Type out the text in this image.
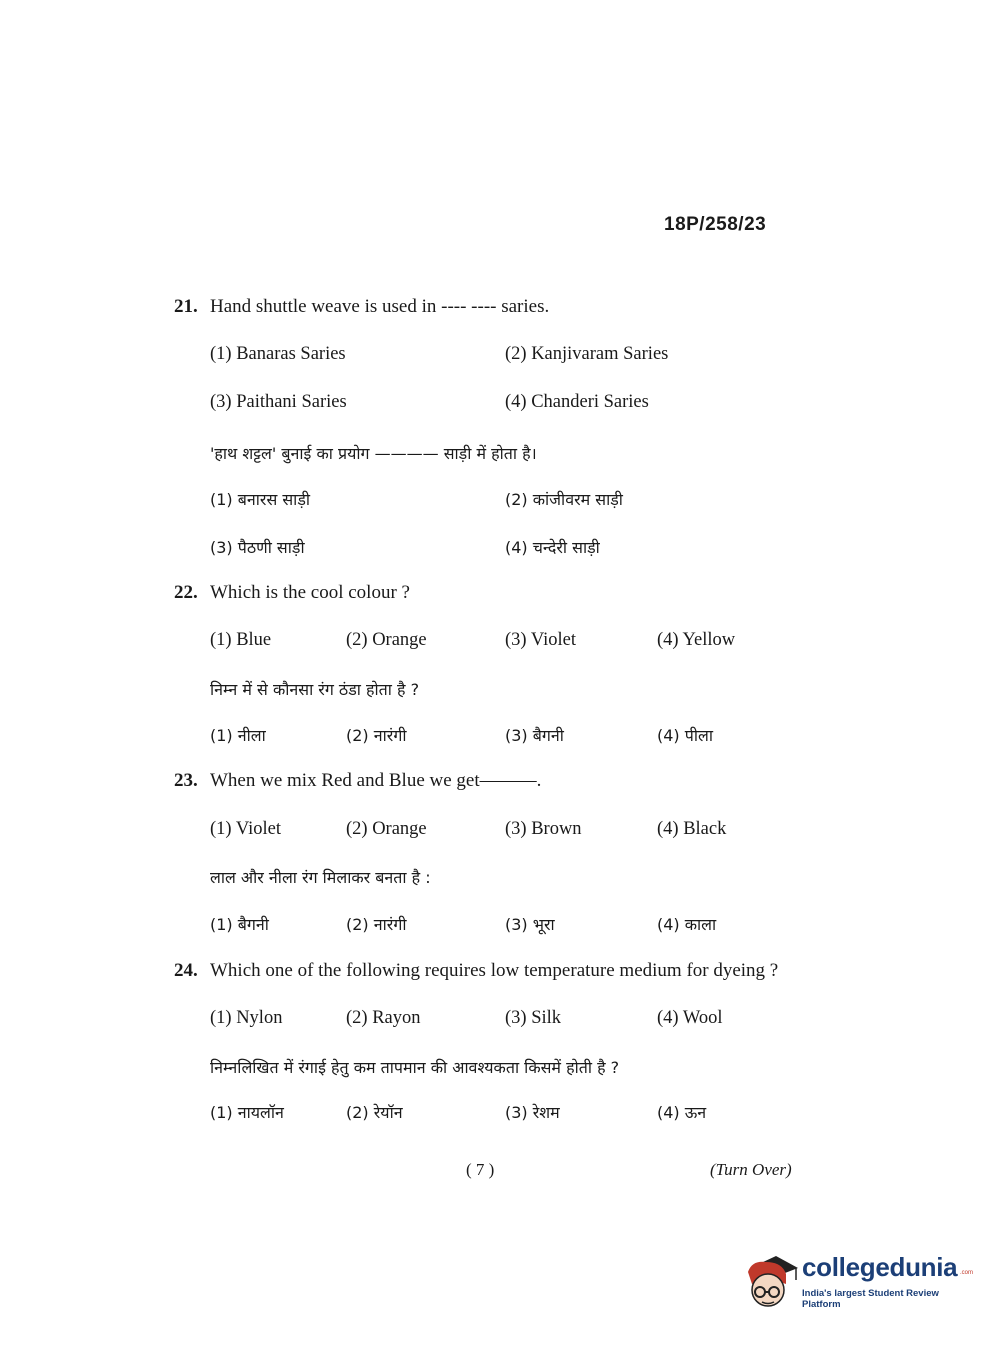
18P/258/23
21. Hand shuttle weave is used in ---- ---- saries.
(1) Banaras Saries	(2) Kanjivaram Saries
(3) Paithani Saries	(4) Chanderi Saries
'हाथ शट्टल' बुनाई का प्रयोग ———— साड़ी में होता है।
(1) बनारस साड़ी	(2) कांजीवरम साड़ी
(3) पैठणी साड़ी	(4) चन्देरी साड़ी
22. Which is the cool colour ?
(1) Blue	(2) Orange	(3) Violet	(4) Yellow
निम्न में से कौनसा रंग ठंडा होता है ?
(1) नीला	(2) नारंगी	(3) बैगनी	(4) पीला
23. When we mix Red and Blue we get———.
(1) Violet	(2) Orange	(3) Brown	(4) Black
लाल और नीला रंग मिलाकर बनता है :
(1) बैगनी	(2) नारंगी	(3) भूरा	(4) काला
24. Which one of the following requires low temperature medium for dyeing ?
(1) Nylon	(2) Rayon	(3) Silk	(4) Wool
निम्नलिखित में रंगाई हेतु कम तापमान की आवश्यकता किसमें होती है ?
(1) नायलॉन	(2) रेयॉन	(3) रेशम	(4) ऊन
( 7 )	(Turn Over)
collegedunia .com
India's largest Student Review Platform
